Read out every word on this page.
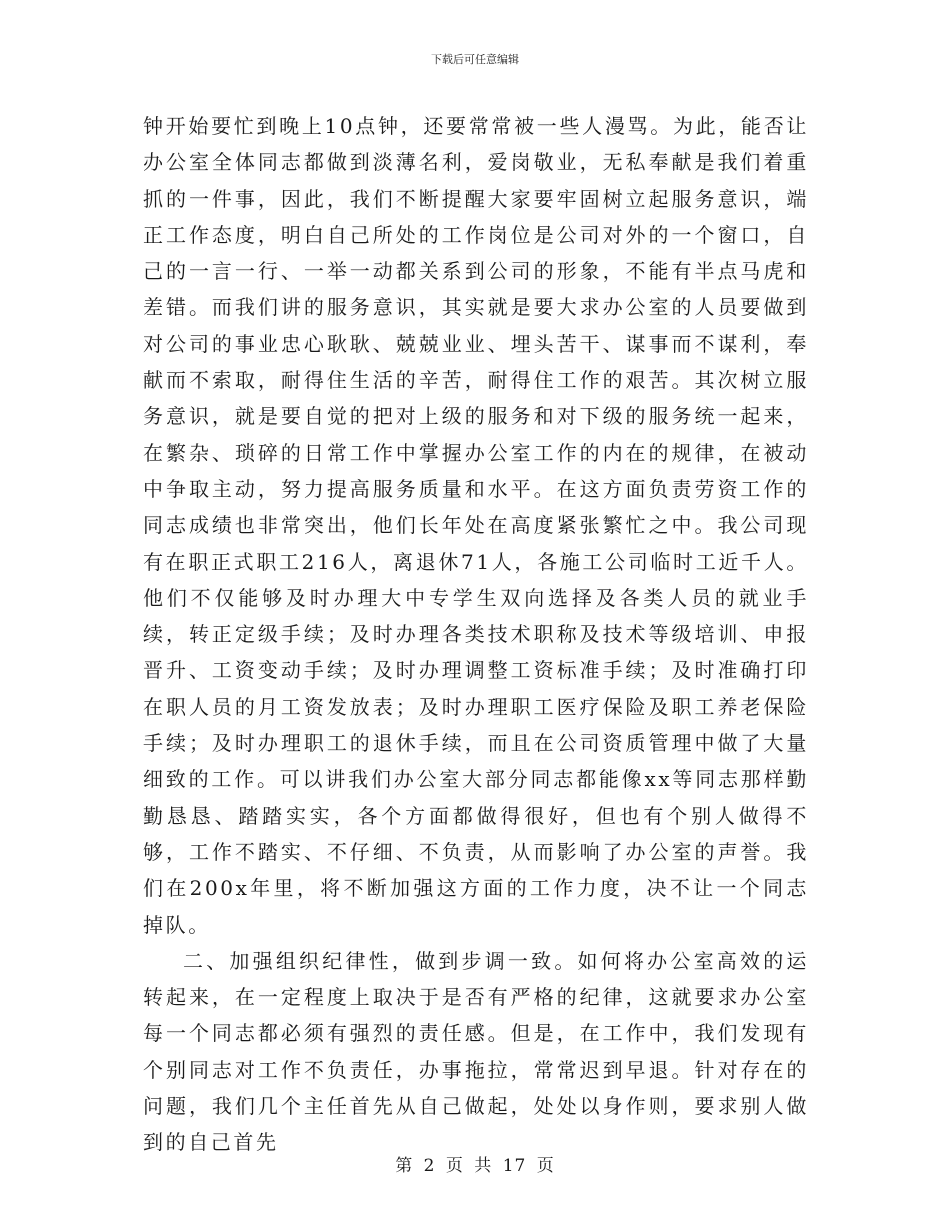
下载后可任意编辑

钟开始要忙到晚上10点钟，还要常常被一些人漫骂。为此，能否让办公室全体同志都做到淡薄名利，爱岗敬业，无私奉献是我们着重抓的一件事，因此，我们不断提醒大家要牢固树立起服务意识，端正工作态度，明白自己所处的工作岗位是公司对外的一个窗口，自己的一言一行、一举一动都关系到公司的形象，不能有半点马虎和差错。而我们讲的服务意识，其实就是要大求办公室的人员要做到对公司的事业忠心耿耿、兢兢业业、埋头苦干、谋事而不谋利，奉献而不索取，耐得住生活的辛苦，耐得住工作的艰苦。其次树立服务意识，就是要自觉的把对上级的服务和对下级的服务统一起来，在繁杂、琐碎的日常工作中掌握办公室工作的内在的规律，在被动中争取主动，努力提高服务质量和水平。在这方面负责劳资工作的同志成绩也非常突出，他们长年处在高度紧张繁忙之中。我公司现有在职正式职工216人，离退休71人，各施工公司临时工近千人。他们不仅能够及时办理大中专学生双向选择及各类人员的就业手续，转正定级手续；及时办理各类技术职称及技术等级培训、申报晋升、工资变动手续；及时办理调整工资标准手续；及时准确打印在职人员的月工资发放表；及时办理职工医疗保险及职工养老保险手续；及时办理职工的退休手续，而且在公司资质管理中做了大量细致的工作。可以讲我们办公室大部分同志都能像xx等同志那样勤勤恳恳、踏踏实实，各个方面都做得很好，但也有个别人做得不够，工作不踏实、不仔细、不负责，从而影响了办公室的声誉。我们在200x年里，将不断加强这方面的工作力度，决不让一个同志掉队。

二、加强组织纪律性，做到步调一致。如何将办公室高效的运转起来，在一定程度上取决于是否有严格的纪律，这就要求办公室每一个同志都必须有强烈的责任感。但是，在工作中，我们发现有个别同志对工作不负责任，办事拖拉，常常迟到早退。针对存在的问题，我们几个主任首先从自己做起，处处以身作则，要求别人做到的自己首先

第 2 页 共 17 页
